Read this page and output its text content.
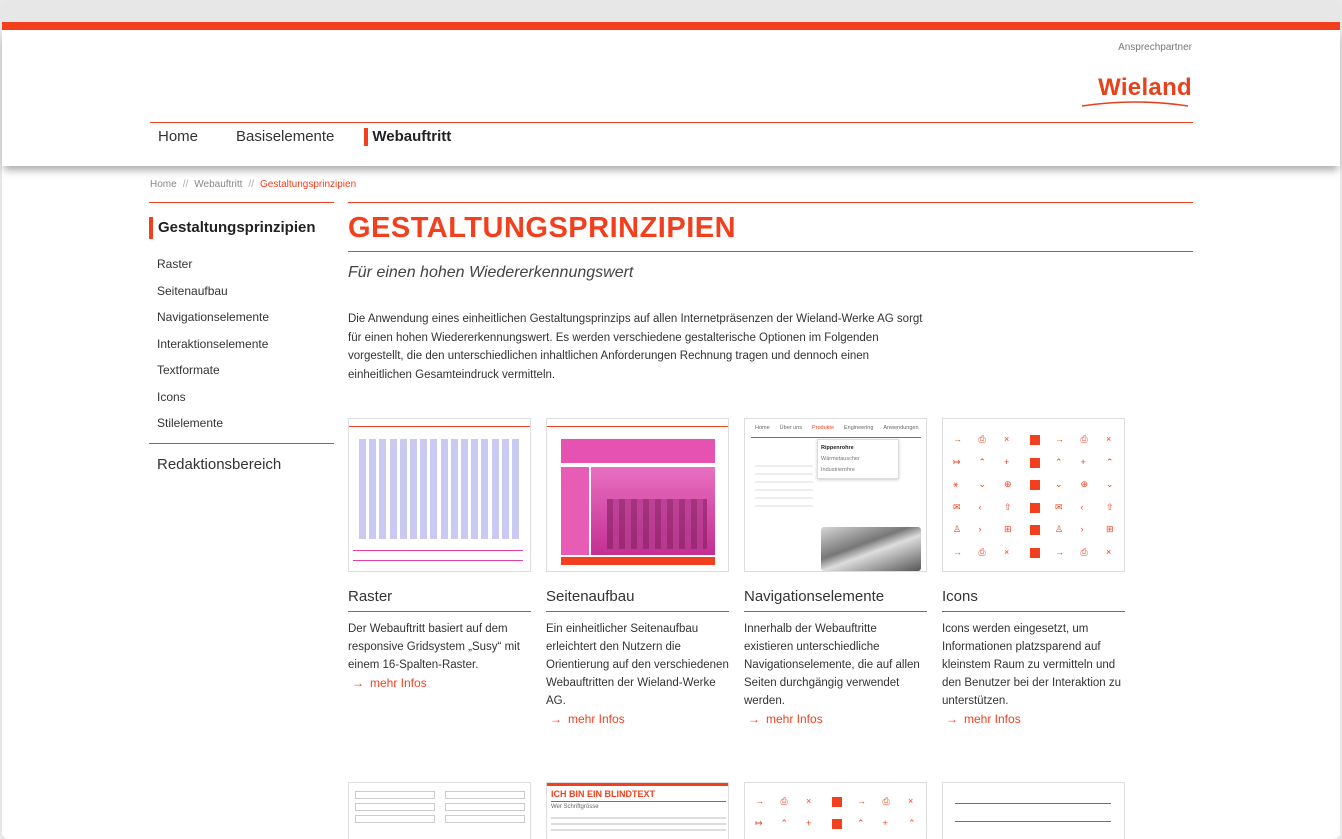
Ansprechpartner
Wieland
Home	Basiselemente	Webauftritt
Home // Webauftritt // Gestaltungsprinzipien
Gestaltungsprinzipien
Raster
Seitenaufbau
Navigationselemente
Interaktionselemente
Textformate
Icons
Stilelemente
Redaktionsbereich
GESTALTUNGSPRINZIPIEN
Für einen hohen Wiedererkennungswert

Die Anwendung eines einheitlichen Gestaltungsprinzips auf allen Internetpräsenzen der Wieland-Werke AG sorgt für einen hohen Wiedererkennungswert. Es werden verschiedene gestalterische Optionen im Folgenden vorgestellt, die den unterschiedlichen inhaltlichen Anforderungen Rechnung tragen und dennoch einen einheitlichen Gesamteindruck vermitteln.

Raster
Der Webauftritt basiert auf dem responsive Gridsystem „Susy“ mit einem 16-Spalten-Raster.
→ mehr Infos
Seitenaufbau
Ein einheitlicher Seitenaufbau erleichtert den Nutzern die Orientierung auf den verschiedenen Webauftritten der Wieland-Werke AG.
→ mehr Infos
Home Über uns Produkte Engineering Anwendungen
Rippenrohre
Wärmetauscher
Industrierohre
Navigationselemente
Innerhalb der Webauftritte existieren unterschiedliche Navigationselemente, die auf allen Seiten durchgängig verwendet werden.
→ mehr Infos
→ ⎙ ×	→ ⎙ ×
↦ ⌃ +	⌃ + ⌃
⚹ ⌄ ⊕	⌄ ⊕ ⌄
✉ ‹	⇧	✉ ‹	⇧
♙ ›	⊞	♙ ›	⊞
→ ⎙ ×	→ ⎙ ×
Icons
Icons werden eingesetzt, um Informationen platzsparend auf kleinstem Raum zu vermitteln und den Benutzer bei der Interaktion zu unterstützen.
→ mehr Infos
ICH BIN EIN BLINDTEXT
Wer Schriftgrösse
→ ⎙ ×	→ ⎙ ×
↦ ⌃ +	⌃ + ⌃
